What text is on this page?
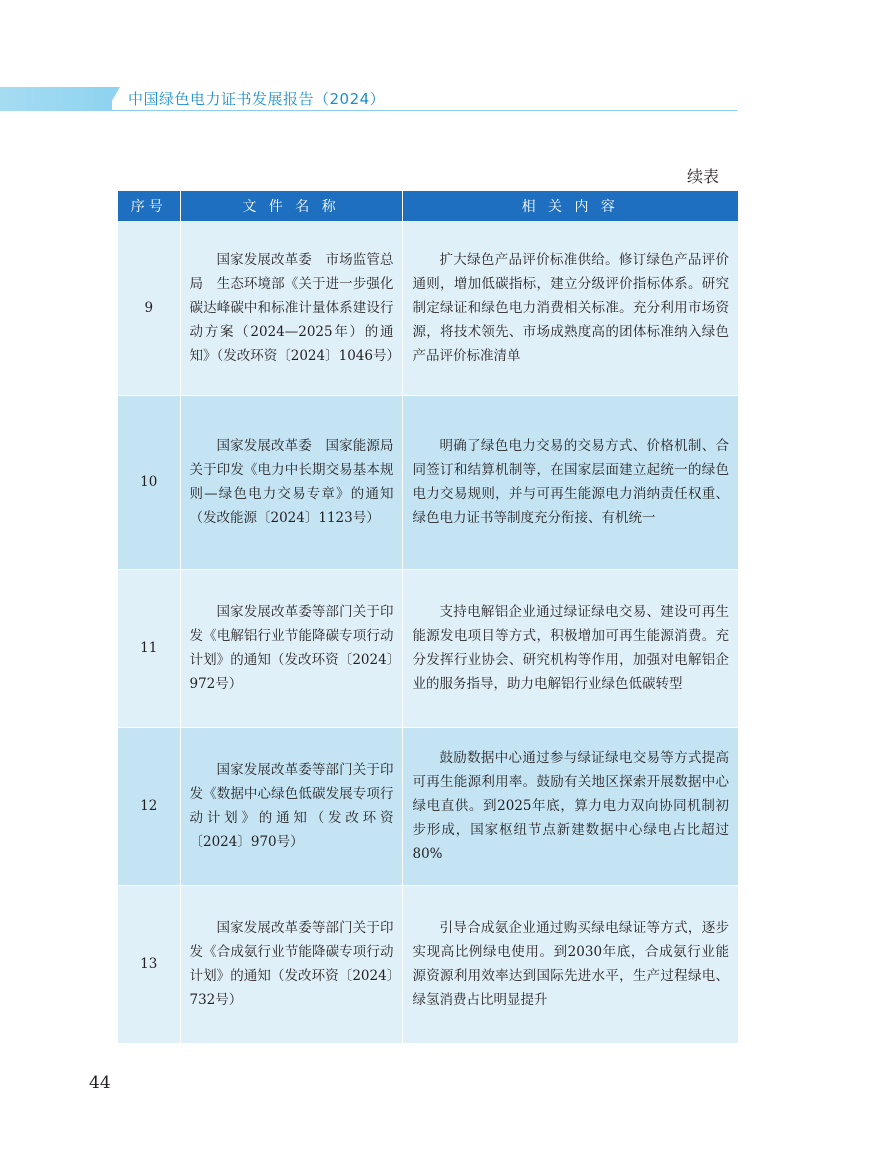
中国绿色电力证书发展报告（2024）
续表
序号	文 件 名 称	相 关 内 容
9	国家发展改革委　市场监管总局　生态环境部《关于进一步强化碳达峰碳中和标准计量体系建设行动方案（2024—2025年）的通知》（发改环资〔2024〕1046号）	扩大绿色产品评价标准供给。修订绿色产品评价通则，增加低碳指标，建立分级评价指标体系。研究制定绿证和绿色电力消费相关标准。充分利用市场资源，将技术领先、市场成熟度高的团体标准纳入绿色产品评价标准清单

10	国家发展改革委　国家能源局关于印发《电力中长期交易基本规则—绿色电力交易专章》的通知（发改能源〔2024〕1123号）	明确了绿色电力交易的交易方式、价格机制、合同签订和结算机制等，在国家层面建立起统一的绿色电力交易规则，并与可再生能源电力消纳责任权重、绿色电力证书等制度充分衔接、有机统一

11	国家发展改革委等部门关于印发《电解铝行业节能降碳专项行动计划》的通知（发改环资〔2024〕972号）	支持电解铝企业通过绿证绿电交易、建设可再生能源发电项目等方式，积极增加可再生能源消费。充分发挥行业协会、研究机构等作用，加强对电解铝企业的服务指导，助力电解铝行业绿色低碳转型

12	国家发展改革委等部门关于印发《数据中心绿色低碳发展专项行动计划》的通知（发改环资〔2024〕970号）	鼓励数据中心通过参与绿证绿电交易等方式提高可再生能源利用率。鼓励有关地区探索开展数据中心绿电直供。到2025年底，算力电力双向协同机制初步形成，国家枢纽节点新建数据中心绿电占比超过80%

13	国家发展改革委等部门关于印发《合成氨行业节能降碳专项行动计划》的通知（发改环资〔2024〕732号）	引导合成氨企业通过购买绿电绿证等方式，逐步实现高比例绿电使用。到2030年底，合成氨行业能源资源利用效率达到国际先进水平，生产过程绿电、绿氢消费占比明显提升

44
